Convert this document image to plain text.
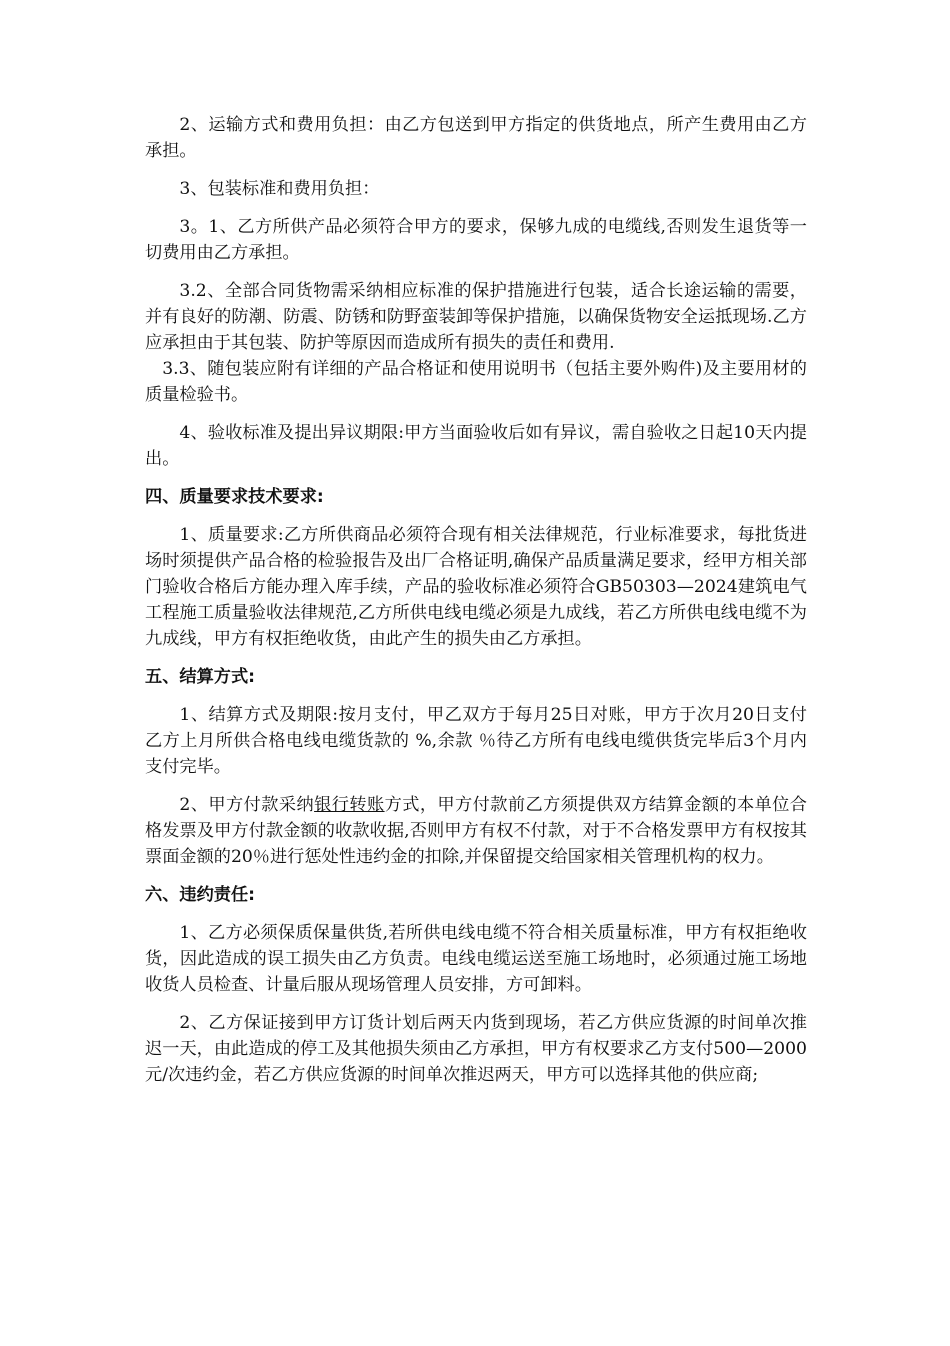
2、运输方式和费用负担：由乙方包送到甲方指定的供货地点，所产生费用由乙方承担。

3、包装标准和费用负担：

3。1、乙方所供产品必须符合甲方的要求，保够九成的电缆线,否则发生退货等一切费用由乙方承担。

3.2、全部合同货物需采纳相应标准的保护措施进行包装，适合长途运输的需要，并有良好的防潮、防震、防锈和防野蛮装卸等保护措施，以确保货物安全运抵现场.乙方应承担由于其包装、防护等原因而造成所有损失的责任和费用.

3.3、随包装应附有详细的产品合格证和使用说明书（包括主要外购件)及主要用材的质量检验书。

4、验收标准及提出异议期限:甲方当面验收后如有异议，需自验收之日起10天内提出。

四、质量要求技术要求:

1、质量要求:乙方所供商品必须符合现有相关法律规范，行业标准要求，每批货进场时须提供产品合格的检验报告及出厂合格证明,确保产品质量满足要求，经甲方相关部门验收合格后方能办理入库手续，产品的验收标准必须符合GB50303—2024建筑电气工程施工质量验收法律规范,乙方所供电线电缆必须是九成线，若乙方所供电线电缆不为九成线，甲方有权拒绝收货，由此产生的损失由乙方承担。

五、结算方式:

1、结算方式及期限:按月支付，甲乙双方于每月25日对账，甲方于次月20日支付乙方上月所供合格电线电缆货款的 %,余款 ％待乙方所有电线电缆供货完毕后3个月内支付完毕。

2、甲方付款采纳银行转账方式，甲方付款前乙方须提供双方结算金额的本单位合格发票及甲方付款金额的收款收据,否则甲方有权不付款，对于不合格发票甲方有权按其票面金额的20％进行惩处性违约金的扣除,并保留提交给国家相关管理机构的权力。

六、违约责任:

1、乙方必须保质保量供货,若所供电线电缆不符合相关质量标准，甲方有权拒绝收货，因此造成的误工损失由乙方负责。电线电缆运送至施工场地时，必须通过施工场地收货人员检查、计量后服从现场管理人员安排，方可卸料。

2、乙方保证接到甲方订货计划后两天内货到现场，若乙方供应货源的时间单次推迟一天，由此造成的停工及其他损失须由乙方承担，甲方有权要求乙方支付500—2000元/次违约金，若乙方供应货源的时间单次推迟两天，甲方可以选择其他的供应商;
